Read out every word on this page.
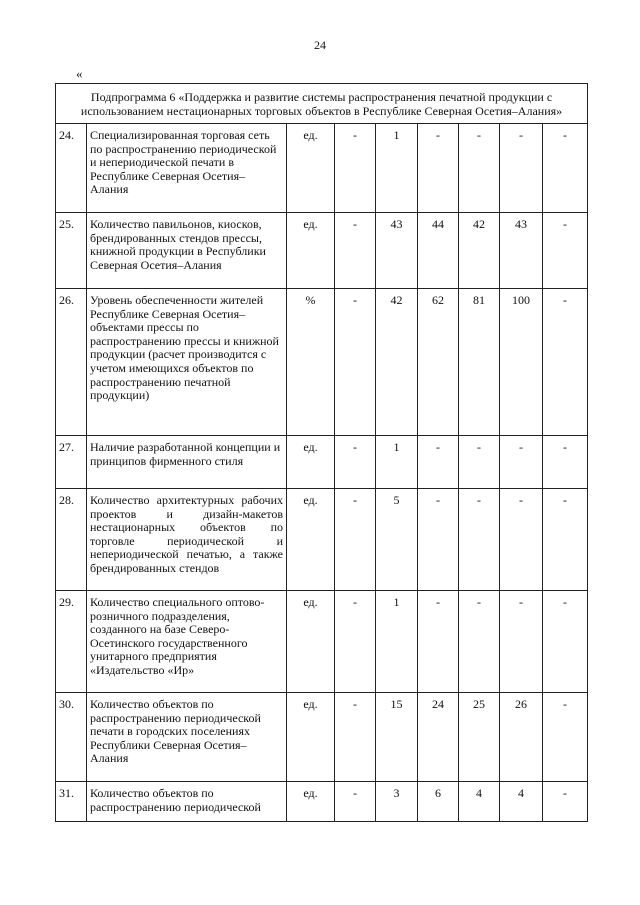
24
«
Подпрограмма 6 «Поддержка и развитие системы распространения печатной продукции с использованием нестационарных торговых объектов в Республике Северная Осетия–Алания»								
24.	Специализированная торговая сеть по распространению периодической и непериодической печати в Республике Северная Осетия–Алания	ед.	-	1	-	-	-	-
25.	Количество павильонов, киосков, брендированных стендов прессы, книжной продукции в Республики Северная Осетия–Алания	ед.	-	43	44	42	43	-
26.	Уровень обеспеченности жителей Республике Северная Осетия–объектами прессы по распространению прессы и книжной продукции (расчет производится с учетом имеющихся объектов по распространению печатной продукции)	%	-	42	62	81	100	-
27.	Наличие разработанной концепции и принципов фирменного стиля	ед.	-	1	-	-	-	-
28.	Количество архитектурных рабочих проектов и дизайн-макетов нестационарных объектов по торговле периодической и непериодической печатью, а также брендированных стендов	ед.	-	5	-	-	-	-
29.	Количество специального оптово-розничного подразделения, созданного на базе Северо-Осетинского государственного унитарного предприятия «Издательство «Ир»	ед.	-	1	-	-	-	-
30.	Количество объектов по распространению периодической печати в городских поселениях Республики Северная Осетия–Алания	ед.	-	15	24	25	26	-
31.	Количество объектов по распространению периодической	ед.	-	3	6	4	4	-
